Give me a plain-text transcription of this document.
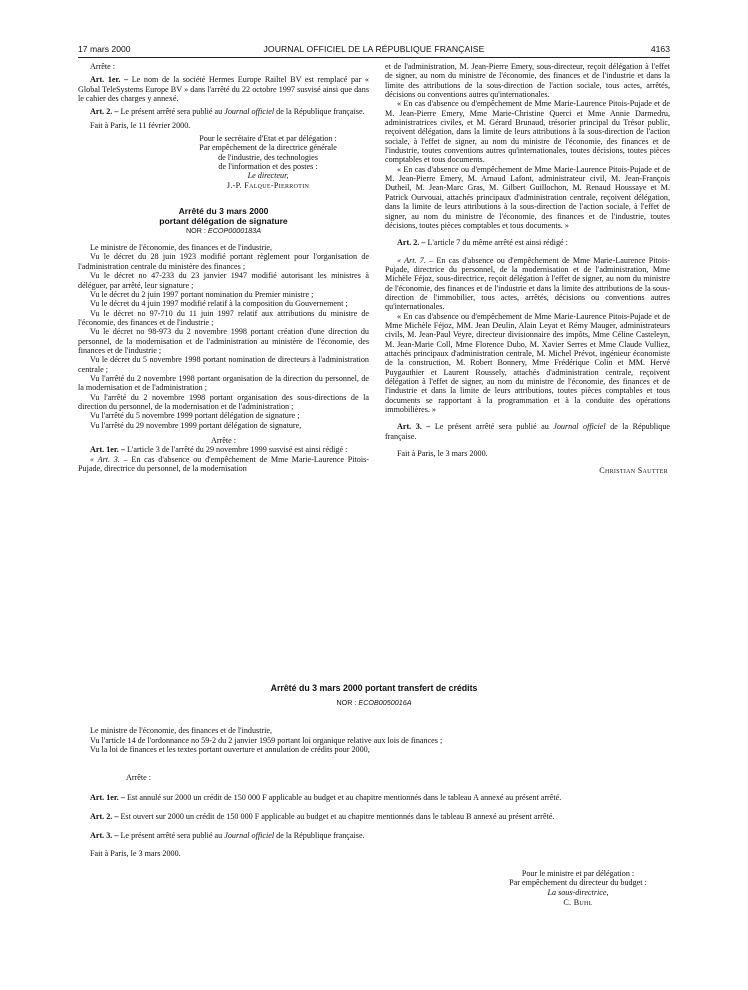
17 mars 2000	JOURNAL OFFICIEL DE LA RÉPUBLIQUE FRANÇAISE	4163

Arrête :

Art. 1er. – Le nom de la société Hermes Europe Railtel BV est remplacé par « Global TeleSystems Europe BV » dans l'arrêté du 22 octobre 1997 susvisé ainsi que dans le cahier des charges y annexé.

Art. 2. – Le présent arrêté sera publié au Journal officiel de la République française.

Fait à Paris, le 11 février 2000.

Pour le secrétaire d'Etat et par délégation :
Par empêchement de la directrice générale
de l'industrie, des technologies
de l'information et des postes :
Le directeur,
J.-P. Falque-Pierrotin
Arrêté du 3 mars 2000
portant délégation de signature
NOR : ECOP0000183A

Le ministre de l'économie, des finances et de l'industrie,

Vu le décret du 28 juin 1923 modifié portant règlement pour l'organisation de l'administration centrale du ministère des finances ;

Vu le décret no 47-233 du 23 janvier 1947 modifié autorisant les ministres à déléguer, par arrêté, leur signature ;

Vu le décret du 2 juin 1997 portant nomination du Premier ministre ;

Vu le décret du 4 juin 1997 modifié relatif à la composition du Gouvernement ;

Vu le décret no 97-710 du 11 juin 1997 relatif aux attributions du ministre de l'économie, des finances et de l'industrie ;

Vu le décret no 98-973 du 2 novembre 1998 portant création d'une direction du personnel, de la modernisation et de l'administration au ministère de l'économie, des finances et de l'industrie ;

Vu le décret du 5 novembre 1998 portant nomination de directeurs à l'administration centrale ;

Vu l'arrêté du 2 novembre 1998 portant organisation de la direction du personnel, de la modernisation et de l'administration ;

Vu l'arrêté du 2 novembre 1998 portant organisation des sous-directions de la direction du personnel, de la modernisation et de l'administration ;

Vu l'arrêté du 5 novembre 1999 portant délégation de signature ;

Vu l'arrêté du 29 novembre 1999 portant délégation de signature,

Arrête :

Art. 1er. – L'article 3 de l'arrêté du 29 novembre 1999 susvisé est ainsi rédigé :

« Art. 3. – En cas d'absence ou d'empêchement de Mme Marie-Laurence Pitois-Pujade, directrice du personnel, de la modernisation

et de l'administration, M. Jean-Pierre Emery, sous-directeur, reçoit délégation à l'effet de signer, au nom du ministre de l'économie, des finances et de l'industrie et dans la limite des attributions de la sous-direction de l'action sociale, tous actes, arrêtés, décisions ou conventions autres qu'internationales.

« En cas d'absence ou d'empêchement de Mme Marie-Laurence Pitois-Pujade et de M. Jean-Pierre Emery, Mme Marie-Christine Querci et Mme Annie Darmedru, administratrices civiles, et M. Gérard Brunaud, trésorier principal du Trésor public, reçoivent délégation, dans la limite de leurs attributions à la sous-direction de l'action sociale, à l'effet de signer, au nom du ministre de l'économie, des finances et de l'industrie, toutes conventions autres qu'internationales, toutes décisions, toutes pièces comptables et tous documents.

« En cas d'absence ou d'empêchement de Mme Marie-Laurence Pitois-Pujade et de M. Jean-Pierre Emery, M. Arnaud Lafont, administrateur civil, M. Jean-François Dutheil, M. Jean-Marc Gras, M. Gilbert Guillochon, M. Renaud Houssaye et M. Patrick Ourvouai, attachés principaux d'administration centrale, reçoivent délégation, dans la limite de leurs attributions à la sous-direction de l'action sociale, à l'effet de signer, au nom du ministre de l'économie, des finances et de l'industrie, toutes décisions, toutes pièces comptables et tous documents. »

Art. 2. – L'article 7 du même arrêté est ainsi rédigé :

« Art. 7. – En cas d'absence ou d'empêchement de Mme Marie-Laurence Pitois-Pujade, directrice du personnel, de la modernisation et de l'administration, Mme Michèle Féjoz, sous-directrice, reçoit délégation à l'effet de signer, au nom du ministre de l'économie, des finances et de l'industrie et dans la limite des attributions de la sous-direction de l'immobilier, tous actes, arrêtés, décisions ou conventions autres qu'internationales.

« En cas d'absence ou d'empêchement de Mme Marie-Laurence Pitois-Pujade et de Mme Michèle Féjoz, MM. Jean Deulin, Alain Leyat et Rémy Mauger, administrateurs civils, M. Jean-Paul Veyre, directeur divisionnaire des impôts, Mme Céline Casteleyn, M. Jean-Marie Coll, Mme Florence Dubo, M. Xavier Serres et Mme Claude Vulliez, attachés principaux d'administration centrale, M. Michel Prévot, ingénieur économiste de la construction, M. Robert Bonnery, Mme Frédérique Colin et MM. Hervé Puygauthier et Laurent Roussely, attachés d'administration centrale, reçoivent délégation à l'effet de signer, au nom du ministre de l'économie, des finances et de l'industrie et dans la limite de leurs attributions, toutes pièces comptables et tous documents se rapportant à la programmation et à la conduite des opérations immobilières. »

Art. 3. – Le présent arrêté sera publié au Journal officiel de la République française.

Fait à Paris, le 3 mars 2000.

Christian Sautter

Arrêté du 3 mars 2000 portant transfert de crédits
NOR : ECOB0050016A

Le ministre de l'économie, des finances et de l'industrie,

Vu l'article 14 de l'ordonnance no 59-2 du 2 janvier 1959 portant loi organique relative aux lois de finances ;

Vu la loi de finances et les textes portant ouverture et annulation de crédits pour 2000,

Arrête :

Art. 1er. – Est annulé sur 2000 un crédit de 150 000 F applicable au budget et au chapitre mentionnés dans le tableau A annexé au présent arrêté.

Art. 2. – Est ouvert sur 2000 un crédit de 150 000 F applicable au budget et au chapitre mentionnés dans le tableau B annexé au présent arrêté.

Art. 3. – Le présent arrêté sera publié au Journal officiel de la République française.

Fait à Paris, le 3 mars 2000.

Pour le ministre et par délégation :
Par empêchement du directeur du budget :
La sous-directrice,
C. Buhl
